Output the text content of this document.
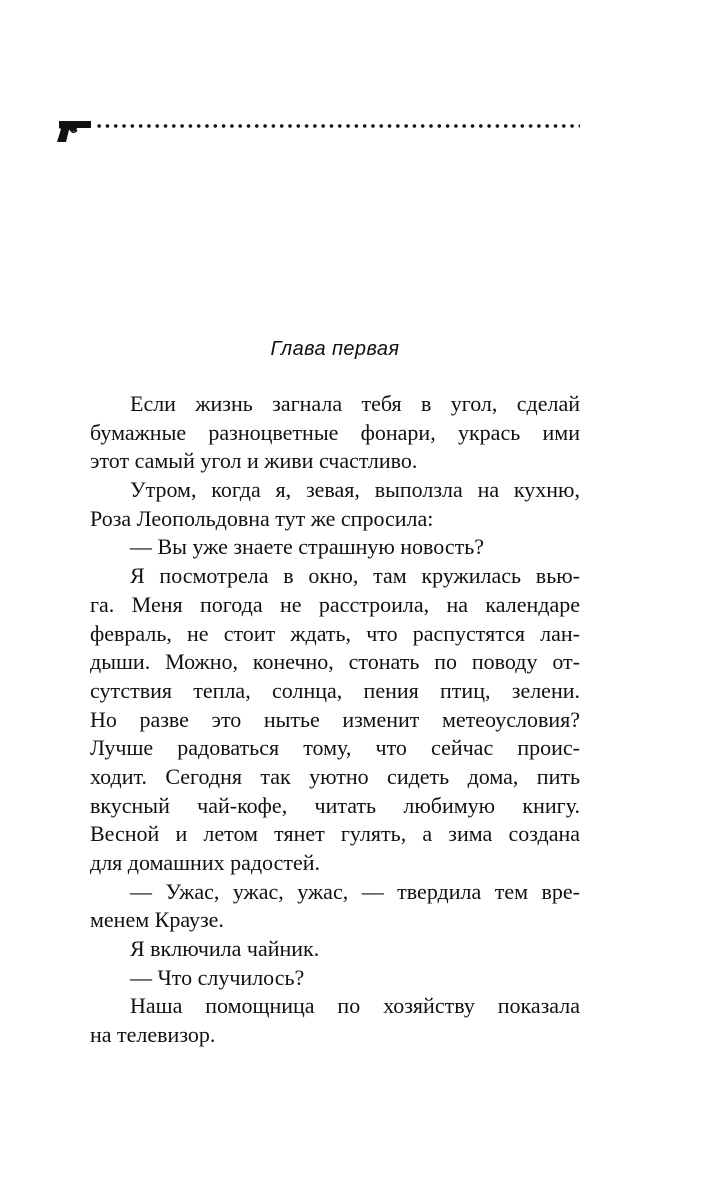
Глава первая
Если жизнь загнала тебя в угол, сделай
бумажные разноцветные фонари, укрась ими
этот самый угол и живи счастливо.
Утром, когда я, зевая, выползла на кухню,
Роза Леопольдовна тут же спросила:
— Вы уже знаете страшную новость?
Я посмотрела в окно, там кружилась вью-
га. Меня погода не расстроила, на календаре
февраль, не стоит ждать, что распустятся лан-
дыши. Можно, конечно, стонать по поводу от-
сутствия тепла, солнца, пения птиц, зелени.
Но разве это нытье изменит метеоусловия?
Лучше радоваться тому, что сейчас проис-
ходит. Сегодня так уютно сидеть дома, пить
вкусный чай-кофе, читать любимую книгу.
Весной и летом тянет гулять, а зима создана
для домашних радостей.
— Ужас, ужас, ужас, — твердила тем вре-
менем Краузе.
Я включила чайник.
— Что случилось?
Наша помощница по хозяйству показала
на телевизор.
